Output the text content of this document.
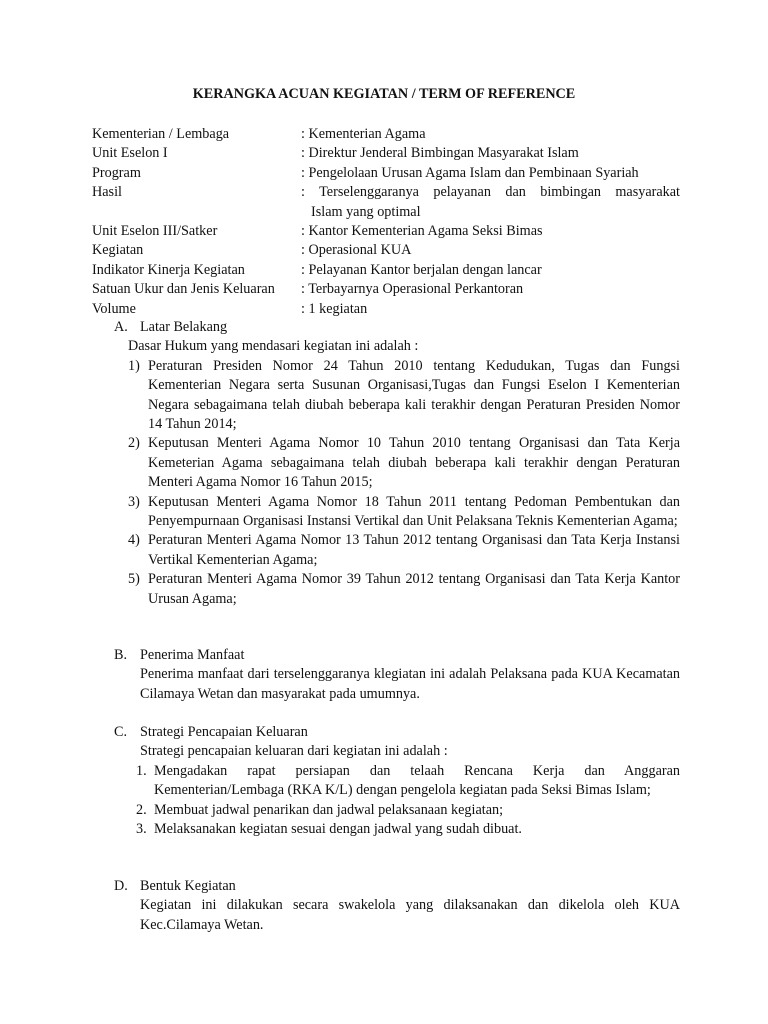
KERANGKA ACUAN KEGIATAN / TERM OF REFERENCE
Kementerian / Lembaga	: Kementerian Agama
Unit Eselon I	: Direktur Jenderal Bimbingan Masyarakat Islam
Program	: Pengelolaan Urusan Agama Islam dan Pembinaan Syariah
Hasil	: Terselenggaranya pelayanan dan bimbingan masyarakat
Islam yang optimal
Unit Eselon III/Satker	: Kantor Kementerian Agama Seksi Bimas
Kegiatan	: Operasional KUA
Indikator Kinerja Kegiatan	: Pelayanan Kantor berjalan dengan lancar
Satuan Ukur dan Jenis Keluaran	: Terbayarnya Operasional Perkantoran
Volume	: 1 kegiatan
A. Latar Belakang
Dasar Hukum yang mendasari kegiatan ini adalah :
1) Peraturan Presiden Nomor 24 Tahun 2010 tentang Kedudukan, Tugas dan Fungsi Kementerian Negara serta Susunan Organisasi,Tugas dan Fungsi Eselon I Kementerian Negara sebagaimana telah diubah beberapa kali terakhir dengan Peraturan Presiden Nomor 14 Tahun 2014;
2) Keputusan Menteri Agama Nomor 10 Tahun 2010 tentang Organisasi dan Tata Kerja Kemeterian Agama sebagaimana telah diubah beberapa kali terakhir dengan Peraturan Menteri Agama Nomor 16 Tahun 2015;
3) Keputusan Menteri Agama Nomor 18 Tahun 2011 tentang Pedoman Pembentukan dan Penyempurnaan Organisasi Instansi Vertikal dan Unit Pelaksana Teknis Kementerian Agama;
4) Peraturan Menteri Agama Nomor 13 Tahun 2012 tentang Organisasi dan Tata Kerja Instansi Vertikal Kementerian Agama;
5) Peraturan Menteri Agama Nomor 39 Tahun 2012 tentang Organisasi dan Tata Kerja Kantor Urusan Agama;
B. Penerima Manfaat
Penerima manfaat dari terselenggaranya klegiatan ini adalah Pelaksana pada KUA Kecamatan Cilamaya Wetan dan masyarakat pada umumnya.
C. Strategi Pencapaian Keluaran
Strategi pencapaian keluaran dari kegiatan ini adalah :
1. Mengadakan rapat persiapan dan telaah Rencana Kerja dan Anggaran Kementerian/Lembaga (RKA K/L) dengan pengelola kegiatan pada Seksi Bimas Islam;
2. Membuat jadwal penarikan dan jadwal pelaksanaan kegiatan;
3. Melaksanakan kegiatan sesuai dengan jadwal yang sudah dibuat.
D. Bentuk Kegiatan
Kegiatan ini dilakukan secara swakelola yang dilaksanakan dan dikelola oleh KUA Kec.Cilamaya Wetan.
